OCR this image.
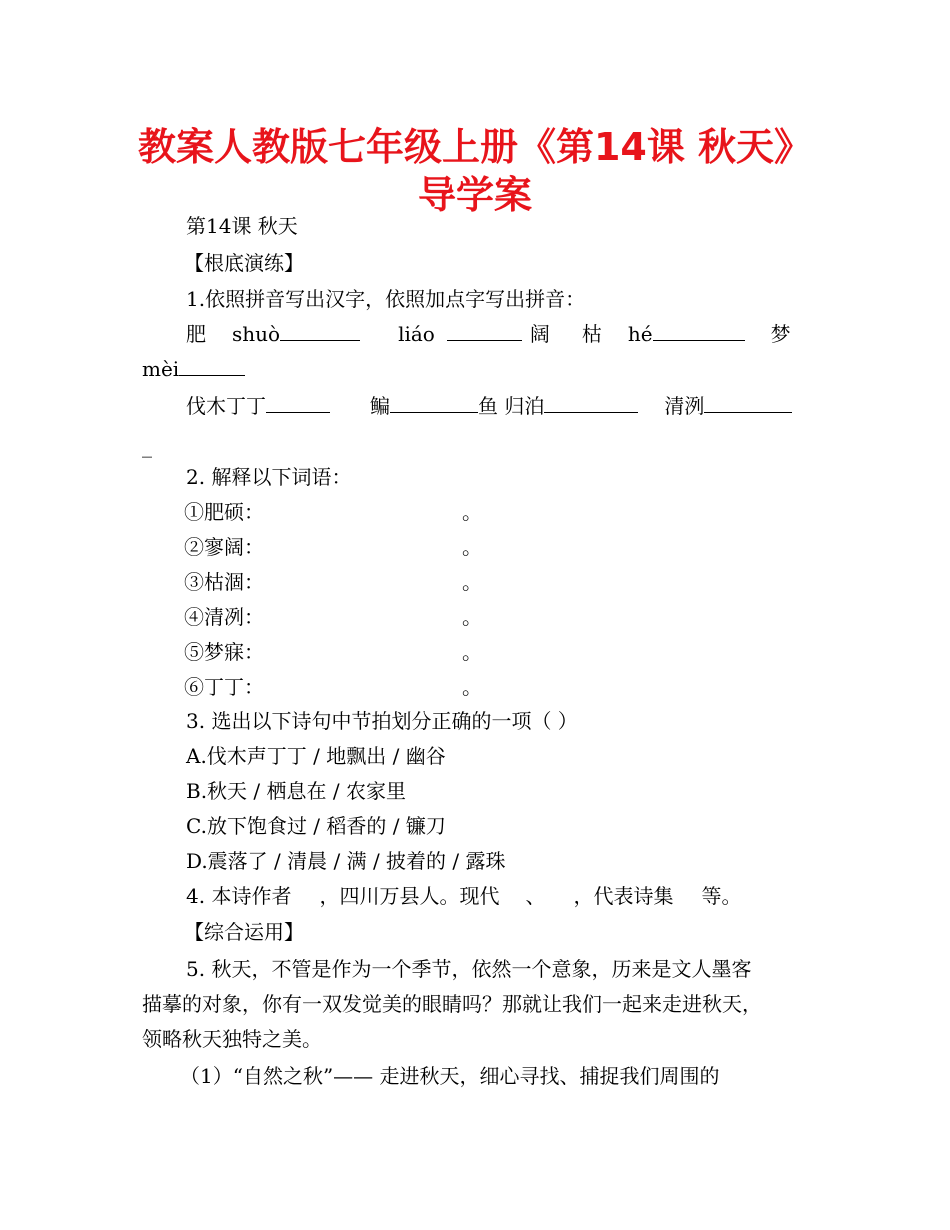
教案人教版七年级上册《第14课 秋天》
导学案
第14课 秋天
【根底演练】
1.依照拼音写出汉字，依照加点字写出拼音：
肥 shuò	liáo	阔 枯 hé	梦
mèi
伐木丁丁	鳊	鱼 归泊	清洌
_
2. 解释以下词语：
①肥硕：	。
②寥阔：	。
③枯涸：	。
④清冽：	。
⑤梦寐：	。
⑥丁丁：	。
3. 选出以下诗句中节拍划分正确的一项（ ）
A.伐木声丁丁 / 地飘出 / 幽谷
B.秋天 / 栖息在 / 农家里
C.放下饱食过 / 稻香的 / 镰刀
D.震落了 / 清晨 / 满 / 披着的 / 露珠
4. 本诗作者 ，四川万县人。现代 、 ，代表诗集 等。
【综合运用】
5. 秋天，不管是作为一个季节，依然一个意象，历来是文人墨客
描摹的对象，你有一双发觉美的眼睛吗？那就让我们一起来走进秋天，
领略秋天独特之美。
（1）“自然之秋”—— 走进秋天，细心寻找、捕捉我们周围的
